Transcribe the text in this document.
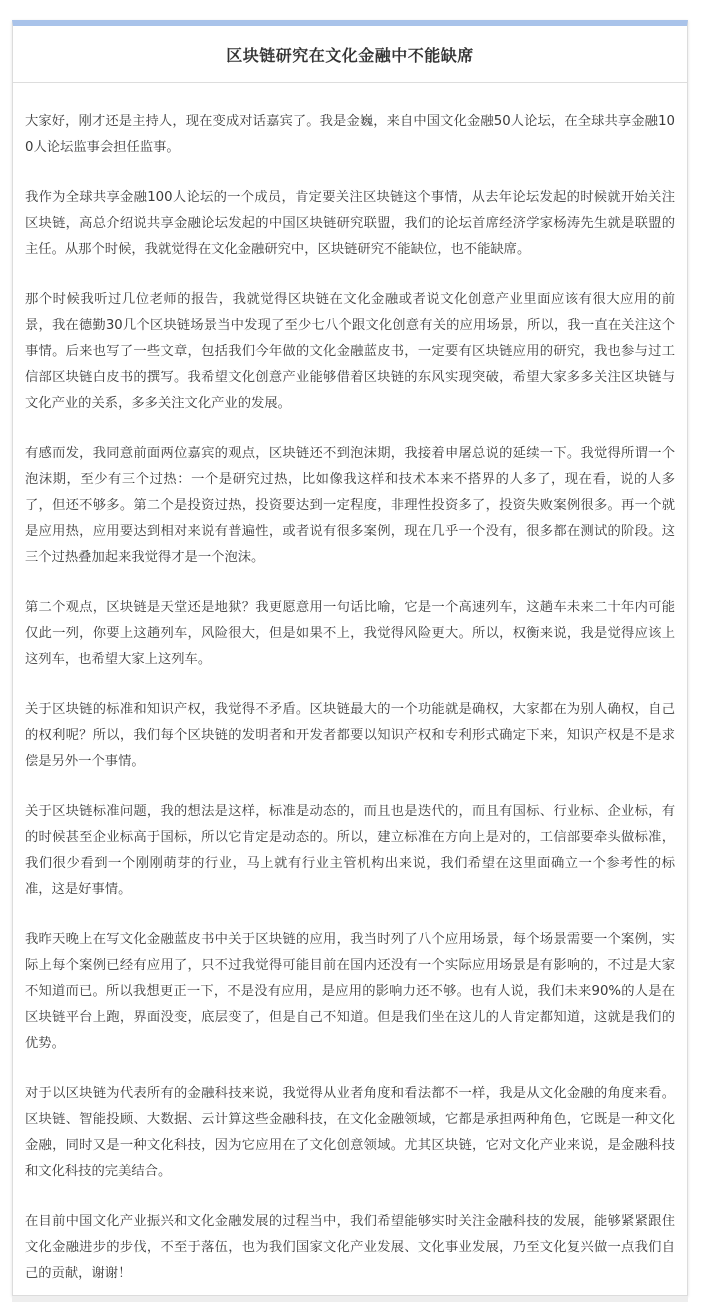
区块链研究在文化金融中不能缺席

大家好，刚才还是主持人，现在变成对话嘉宾了。我是金巍，来自中国文化金融50人论坛，在全球共享金融100人论坛监事会担任监事。

我作为全球共享金融100人论坛的一个成员，肯定要关注区块链这个事情，从去年论坛发起的时候就开始关注区块链，高总介绍说共享金融论坛发起的中国区块链研究联盟，我们的论坛首席经济学家杨涛先生就是联盟的主任。从那个时候，我就觉得在文化金融研究中，区块链研究不能缺位，也不能缺席。

那个时候我听过几位老师的报告，我就觉得区块链在文化金融或者说文化创意产业里面应该有很大应用的前景，我在德勤30几个区块链场景当中发现了至少七八个跟文化创意有关的应用场景，所以，我一直在关注这个事情。后来也写了一些文章，包括我们今年做的文化金融蓝皮书，一定要有区块链应用的研究，我也参与过工信部区块链白皮书的撰写。我希望文化创意产业能够借着区块链的东风实现突破，希望大家多多关注区块链与文化产业的关系，多多关注文化产业的发展。

有感而发，我同意前面两位嘉宾的观点，区块链还不到泡沫期，我接着申屠总说的延续一下。我觉得所谓一个泡沫期，至少有三个过热：一个是研究过热，比如像我这样和技术本来不搭界的人多了，现在看，说的人多了，但还不够多。第二个是投资过热，投资要达到一定程度，非理性投资多了，投资失败案例很多。再一个就是应用热，应用要达到相对来说有普遍性，或者说有很多案例，现在几乎一个没有，很多都在测试的阶段。这三个过热叠加起来我觉得才是一个泡沫。

第二个观点，区块链是天堂还是地狱？我更愿意用一句话比喻，它是一个高速列车，这趟车未来二十年内可能仅此一列，你要上这趟列车，风险很大，但是如果不上，我觉得风险更大。所以，权衡来说，我是觉得应该上这列车，也希望大家上这列车。

关于区块链的标准和知识产权，我觉得不矛盾。区块链最大的一个功能就是确权，大家都在为别人确权，自己的权利呢？所以，我们每个区块链的发明者和开发者都要以知识产权和专利形式确定下来，知识产权是不是求偿是另外一个事情。

关于区块链标准问题，我的想法是这样，标准是动态的，而且也是迭代的，而且有国标、行业标、企业标，有的时候甚至企业标高于国标，所以它肯定是动态的。所以，建立标准在方向上是对的，工信部要牵头做标准，我们很少看到一个刚刚萌芽的行业，马上就有行业主管机构出来说，我们希望在这里面确立一个参考性的标准，这是好事情。

我昨天晚上在写文化金融蓝皮书中关于区块链的应用，我当时列了八个应用场景，每个场景需要一个案例，实际上每个案例已经有应用了，只不过我觉得可能目前在国内还没有一个实际应用场景是有影响的，不过是大家不知道而已。所以我想更正一下，不是没有应用，是应用的影响力还不够。也有人说，我们未来90%的人是在区块链平台上跑，界面没变，底层变了，但是自己不知道。但是我们坐在这儿的人肯定都知道，这就是我们的优势。

对于以区块链为代表所有的金融科技来说，我觉得从业者角度和看法都不一样，我是从文化金融的角度来看。区块链、智能投顾、大数据、云计算这些金融科技，在文化金融领域，它都是承担两种角色，它既是一种文化金融，同时又是一种文化科技，因为它应用在了文化创意领域。尤其区块链，它对文化产业来说，是金融科技和文化科技的完美结合。

在目前中国文化产业振兴和文化金融发展的过程当中，我们希望能够实时关注金融科技的发展，能够紧紧跟住文化金融进步的步伐，不至于落伍，也为我们国家文化产业发展、文化事业发展，乃至文化复兴做一点我们自己的贡献，谢谢！
